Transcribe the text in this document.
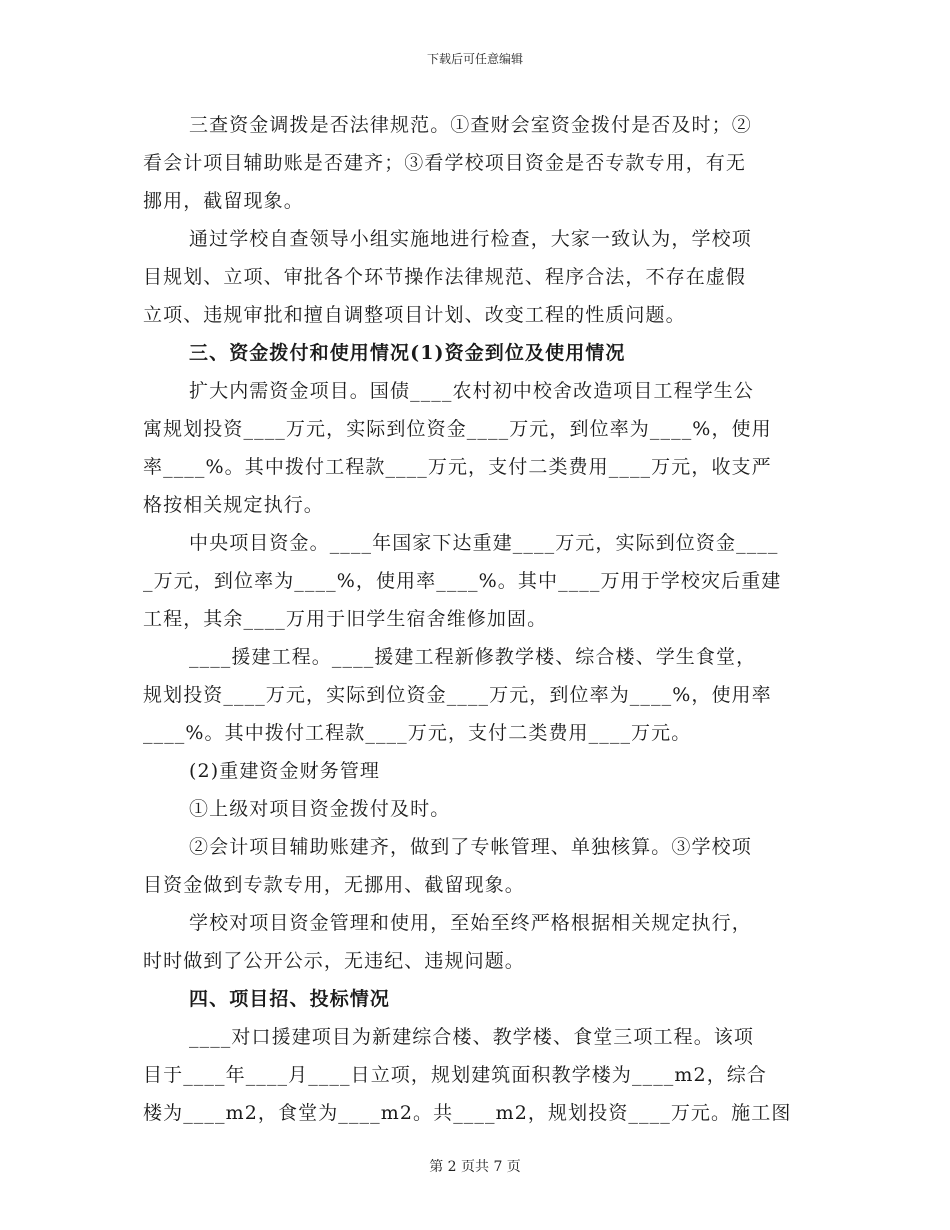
下载后可任意编辑
三查资金调拨是否法律规范。①查财会室资金拨付是否及时；②
看会计项目辅助账是否建齐；③看学校项目资金是否专款专用，有无
挪用，截留现象。
通过学校自查领导小组实施地进行检查，大家一致认为，学校项
目规划、立项、审批各个环节操作法律规范、程序合法，不存在虚假
立项、违规审批和擅自调整项目计划、改变工程的性质问题。
三、资金拨付和使用情况(1)资金到位及使用情况
扩大内需资金项目。国债____农村初中校舍改造项目工程学生公
寓规划投资____万元，实际到位资金____万元，到位率为____%，使用
率____%。其中拨付工程款____万元，支付二类费用____万元，收支严
格按相关规定执行。
中央项目资金。____年国家下达重建____万元，实际到位资金____
_万元，到位率为____%，使用率____%。其中____万用于学校灾后重建
工程，其余____万用于旧学生宿舍维修加固。
____援建工程。____援建工程新修教学楼、综合楼、学生食堂，
规划投资____万元，实际到位资金____万元，到位率为____%，使用率
____%。其中拨付工程款____万元，支付二类费用____万元。
(2)重建资金财务管理
①上级对项目资金拨付及时。
②会计项目辅助账建齐，做到了专帐管理、单独核算。③学校项
目资金做到专款专用，无挪用、截留现象。
学校对项目资金管理和使用，至始至终严格根据相关规定执行，
时时做到了公开公示，无违纪、违规问题。
四、项目招、投标情况
____对口援建项目为新建综合楼、教学楼、食堂三项工程。该项
目于____年____月____日立项，规划建筑面积教学楼为____m2，综合
楼为____m2，食堂为____m2。共____m2，规划投资____万元。施工图
第 2 页共 7 页
